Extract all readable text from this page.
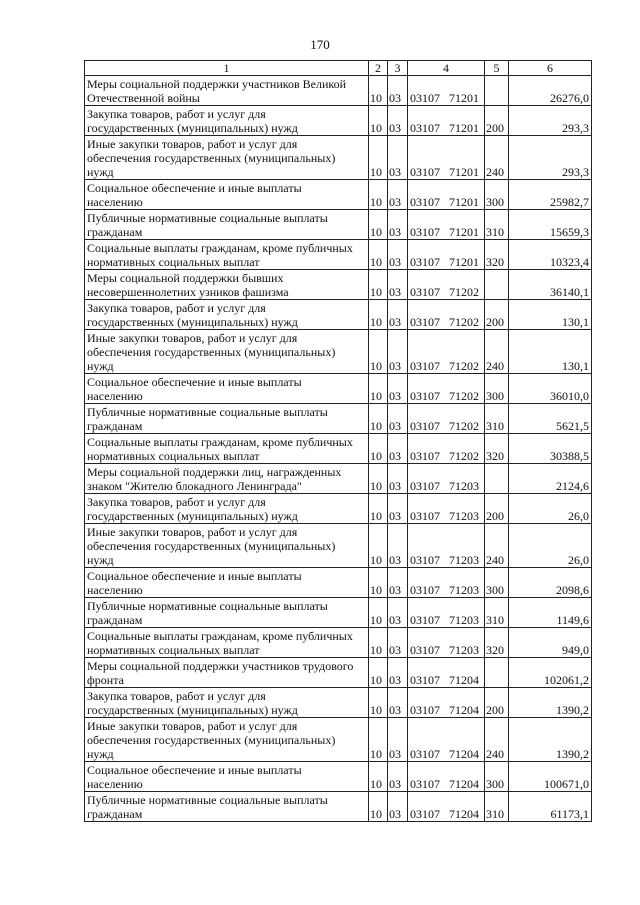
170
1	2	3	4	5	6
Меры социальной поддержки участников Великой
Отечественной войны	10	03	03107   71201		26276,0
Закупка товаров, работ и услуг для
государственных (муниципальных) нужд	10	03	03107   71201	200	293,3
Иные закупки товаров, работ и услуг для
обеспечения государственных (муниципальных)
нужд	10	03	03107   71201	240	293,3
Социальное обеспечение и иные выплаты
населению	10	03	03107   71201	300	25982,7
Публичные нормативные социальные выплаты
гражданам	10	03	03107   71201	310	15659,3
Социальные выплаты гражданам, кроме публичных
нормативных социальных выплат	10	03	03107   71201	320	10323,4
Меры социальной поддержки бывших
несовершеннолетних узников фашизма	10	03	03107   71202		36140,1
Закупка товаров, работ и услуг для
государственных (муниципальных) нужд	10	03	03107   71202	200	130,1
Иные закупки товаров, работ и услуг для
обеспечения государственных (муниципальных)
нужд	10	03	03107   71202	240	130,1
Социальное обеспечение и иные выплаты
населению	10	03	03107   71202	300	36010,0
Публичные нормативные социальные выплаты
гражданам	10	03	03107   71202	310	5621,5
Социальные выплаты гражданам, кроме публичных
нормативных социальных выплат	10	03	03107   71202	320	30388,5
Меры социальной поддержки лиц, награжденных
знаком "Жителю блокадного Ленинграда"	10	03	03107   71203		2124,6
Закупка товаров, работ и услуг для
государственных (муниципальных) нужд	10	03	03107   71203	200	26,0
Иные закупки товаров, работ и услуг для
обеспечения государственных (муниципальных)
нужд	10	03	03107   71203	240	26,0
Социальное обеспечение и иные выплаты
населению	10	03	03107   71203	300	2098,6
Публичные нормативные социальные выплаты
гражданам	10	03	03107   71203	310	1149,6
Социальные выплаты гражданам, кроме публичных
нормативных социальных выплат	10	03	03107   71203	320	949,0
Меры социальной поддержки участников трудового
фронта	10	03	03107   71204		102061,2
Закупка товаров, работ и услуг для
государственных (муниципальных) нужд	10	03	03107   71204	200	1390,2
Иные закупки товаров, работ и услуг для
обеспечения государственных (муниципальных)
нужд	10	03	03107   71204	240	1390,2
Социальное обеспечение и иные выплаты
населению	10	03	03107   71204	300	100671,0
Публичные нормативные социальные выплаты
гражданам	10	03	03107   71204	310	61173,1
